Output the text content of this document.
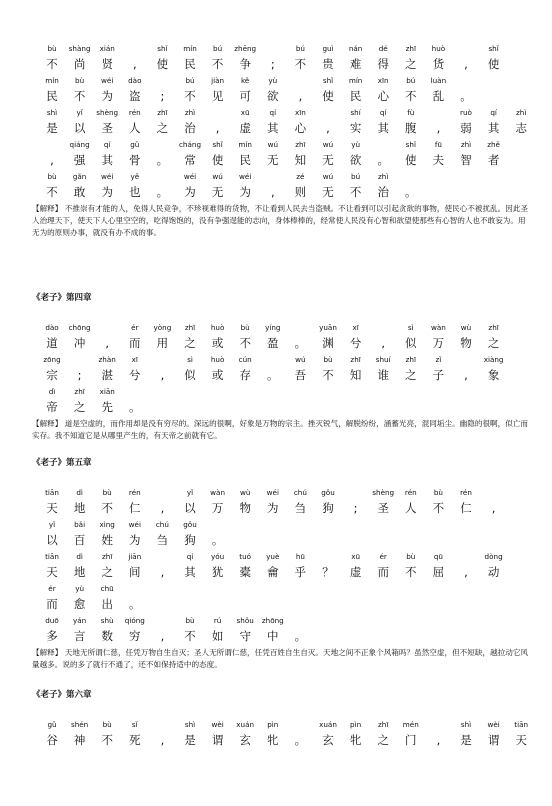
bù
不
shàng
尚
xián
贤 ,
shǐ
使
mín
民
bú
不
zhēng
争 ;
bú
不
guì
贵
nán
难
dé
得
zhī
之
huò
货 ,
shǐ
使
mín
民
bù
不
wéi
为
dào
盗 ;
bú
不
jiàn
见
kě
可
yù
欲 ,
shǐ
使
mín
民
xīn
心
bú
不
luàn
乱 。
shì
是
yǐ
以
shèng
圣
rén
人
zhī
之
zhì
治 ,
xū
虚
qí
其
xīn
心 ,
shí
实
qí
其
fù
腹 ,
ruò
弱
qí
其
zhì
志
,
qiáng
强
qí
其
gǔ
骨 。
cháng
常
shǐ
使
mín
民
wú
无
zhī
知
wú
无
yù
欲 。
shǐ
使
fū
夫
zhì
智
zhě
者
bù
不
gǎn
敢
wéi
为
yě
也 。
wéi
为
wú
无
wéi
为 ,
zé
则
wú
无
bú
不
zhì
治 。
【解释】 不推崇有才能的人，免得人民竞争，不珍视难得的货物，不让看到人民去当盗贼。不让看到可以引起贪欲的事物，使民心不被扰乱。因此圣人治理天下，使天下人心里空空的，吃得饱饱的，没有争强逞能的志向，身体棒棒的，经常使人民没有心智和欲望使那些有心智的人也不敢妄为。用无为的原则办事，就没有办不成的事。
《老子》第四章
dào
道
chōng
冲 ,
ér
而
yòng
用
zhī
之
huò
或
bù
不
yíng
盈 。
yuān
渊
xī
兮 ,
sì
似
wàn
万
wù
物
zhī
之
zōng
宗 ;
zhàn
湛
xī
兮 ,
sì
似
huò
或
cún
存 。
wú
吾
bù
不
zhī
知
shuí
谁
zhī
之
zǐ
子 ,
xiàng
象
dì
帝
zhī
之
xiān
先 。
【解释】 道是空虚的，而作用却是没有穷尽的。深远的很啊，好象是万物的宗主。挫灭锐气，解脱纷纷，涵蓄光亮，混同垢尘。幽隐的很啊，似亡而实存。我不知道它是从哪里产生的，有天帝之前就有它。
《老子》第五章
tiān
天
dì
地
bù
不
rén
仁 ,
yǐ
以
wàn
万
wù
物
wéi
为
chú
刍
gǒu
狗 ;
shèng
圣
rén
人
bù
不
rén
仁 ,
yǐ
以
bǎi
百
xìng
姓
wéi
为
chú
刍
gǒu
狗 。
tiān
天
dì
地
zhī
之
jiān
间 ,
qí
其
yóu
犹
tuó
橐
yuè
龠
hū
乎 ？
xū
虚
ér
而
bù
不
qū
屈 ,
dòng
动
ér
而
yù
愈
chū
出 。
duō
多
yán
言
shù
数
qióng
穷 ,
bù
不
rú
如
shǒu
守
zhōng
中 。
【解释】 天地无所谓仁慈，任凭万物自生自灭；圣人无所谓仁慈，任凭百姓自生自灭。天地之间不正象个风箱吗？虽然空虚，但不短缺，越拉动它风量越多。说的多了就行不通了，还不如保持适中的态度。
《老子》第六章
gǔ
谷
shén
神
bù
不
sǐ
死 ,
shì
是
wèi
谓
xuán
玄
pìn
牝 。
xuán
玄
pìn
牝
zhī
之
mén
门 ,
shì
是
wèi
谓
tiān
天
